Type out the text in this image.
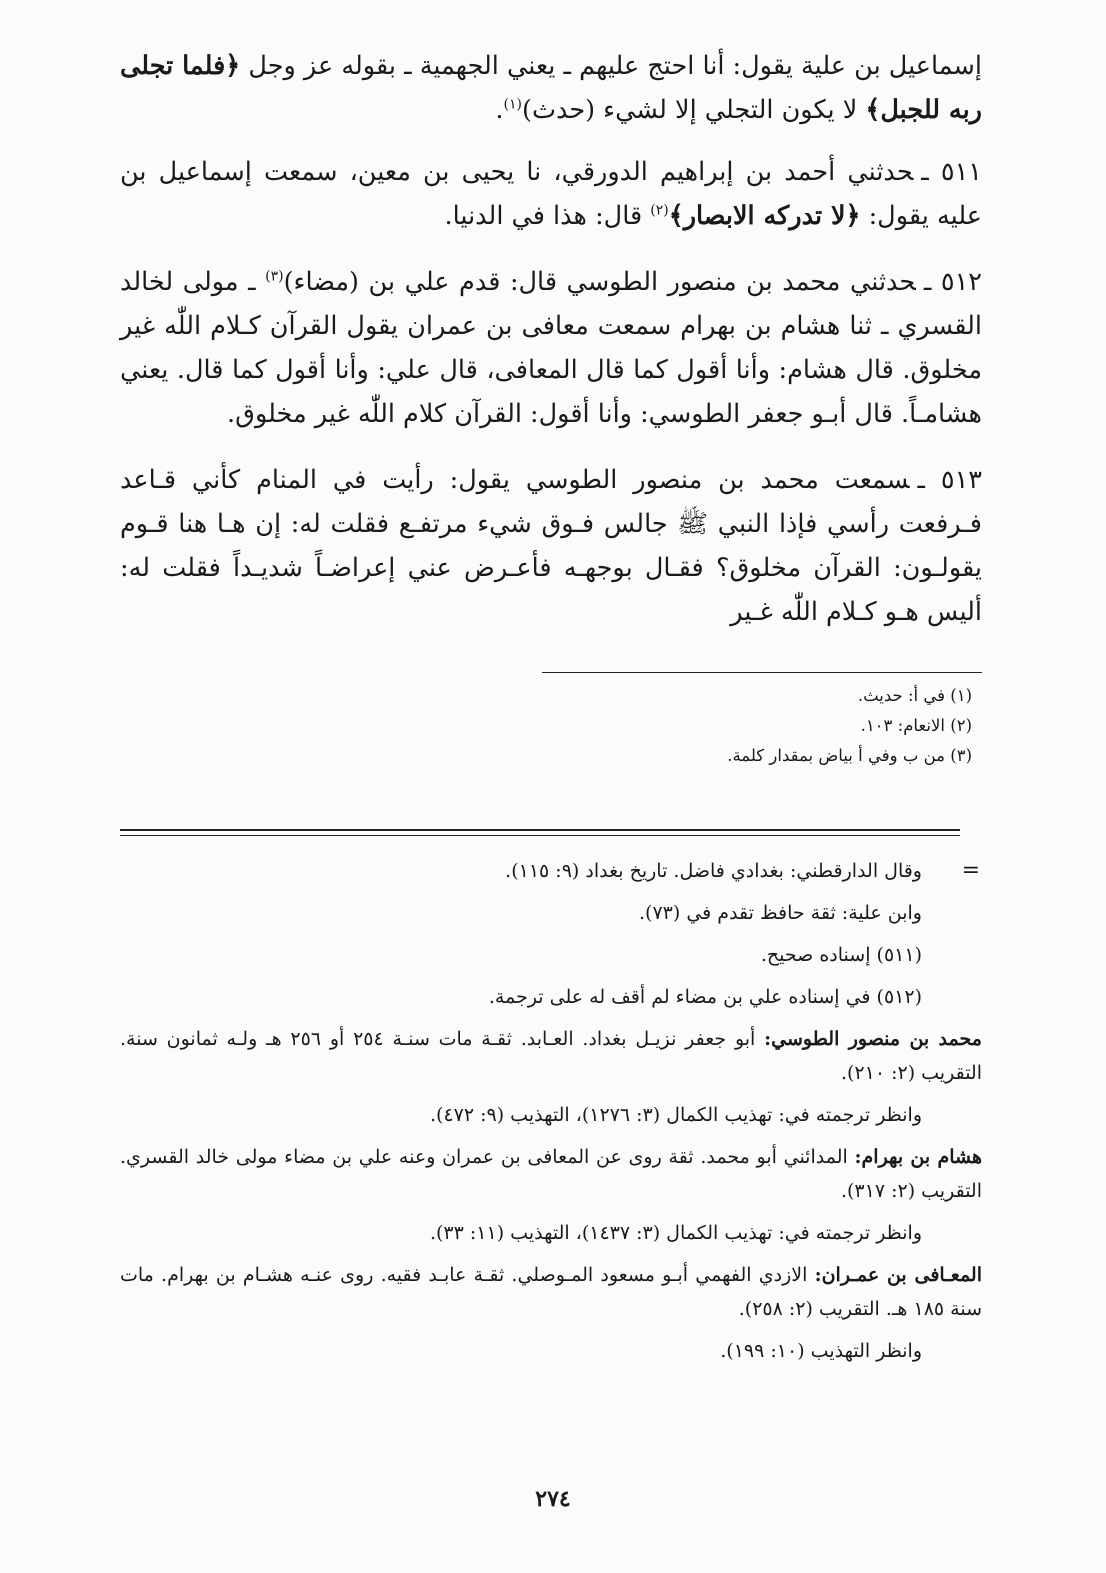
إسماعيل بن علية يقول: أنا احتج عليهم ـ يعني الجهمية ـ بقوله عز وجل ﴿فلما تجلى ربه للجبل﴾ لا يكون التجلي إلا لشيء (حدث)$^{(١)}$.

٥١١ ـحدثني أحمد بن إبراهيم الدورقي، نا يحيى بن معين، سمعت إسماعيل بن عليه يقول: ﴿لا تدركه الابصار﴾$^{(٢)}$ قال: هذا في الدنيا.

٥١٢ ـحدثني محمد بن منصور الطوسي قال: قدم علي بن (مضاء)$^{(٣)}$ ـ مولى لخالد القسري ـ ثنا هشام بن بهرام سمعت معافى بن عمران يقول القرآن كـلام اللّٰه غير مخلوق. قال هشام: وأنا أقول كما قال المعافى، قال علي: وأنا أقول كما قال. يعني هشامـاً. قال أبـو جعفر الطوسي: وأنا أقول: القرآن كلام اللّٰه غير مخلوق.

٥١٣ ـسمعت محمد بن منصور الطوسي يقول: رأيت في المنام كأني قـاعد فـرفعت رأسي فإذا النبي ﷺ جالس فـوق شيء مرتفـع فقلت له: إن هـا هنا قـوم يقولـون: القرآن مخلوق؟ فقـال بوجهـه فأعـرض عني إعراضـاً شديـداً فقلت له: أليس هـو كـلام اللّٰه غـير

(١) في أ: حديث.
(٢) الانعام: ١٠٣.
(٣) من ب وفي أ بياض بمقدار كلمة.
=

وقال الدارقطني: بغدادي فاضل. تاريخ بغداد (٩: ١١٥).

وابن علية: ثقة حافظ تقدم في (٧٣).

(٥١١) إسناده صحيح.

(٥١٢) في إسناده علي بن مضاء لم أقف له على ترجمة.

محمد بن منصور الطوسي: أبو جعفر نزيـل بغداد. العـابد. ثقـة مات سنـة ٢٥٤ أو ٢٥٦ هـ ولـه ثمانون سنة. التقريب (٢: ٢١٠).

وانظر ترجمته في: تهذيب الكمال (٣: ١٢٧٦)، التهذيب (٩: ٤٧٢).

هشام بن بهرام: المدائني أبو محمد. ثقة روى عن المعافى بن عمران وعنه علي بن مضاء مولى خالد القسري. التقريب (٢: ٣١٧).

وانظر ترجمته في: تهذيب الكمال (٣: ١٤٣٧)، التهذيب (١١: ٣٣).

المعـافى بن عمـران: الازدي الفهمي أبـو مسعود المـوصلي. ثقـة عابـد فقيه. روى عنـه هشـام بن بهرام. مات سنة ١٨٥ هـ. التقريب (٢: ٢٥٨).

وانظر التهذيب (١٠: ١٩٩).

٢٧٤
